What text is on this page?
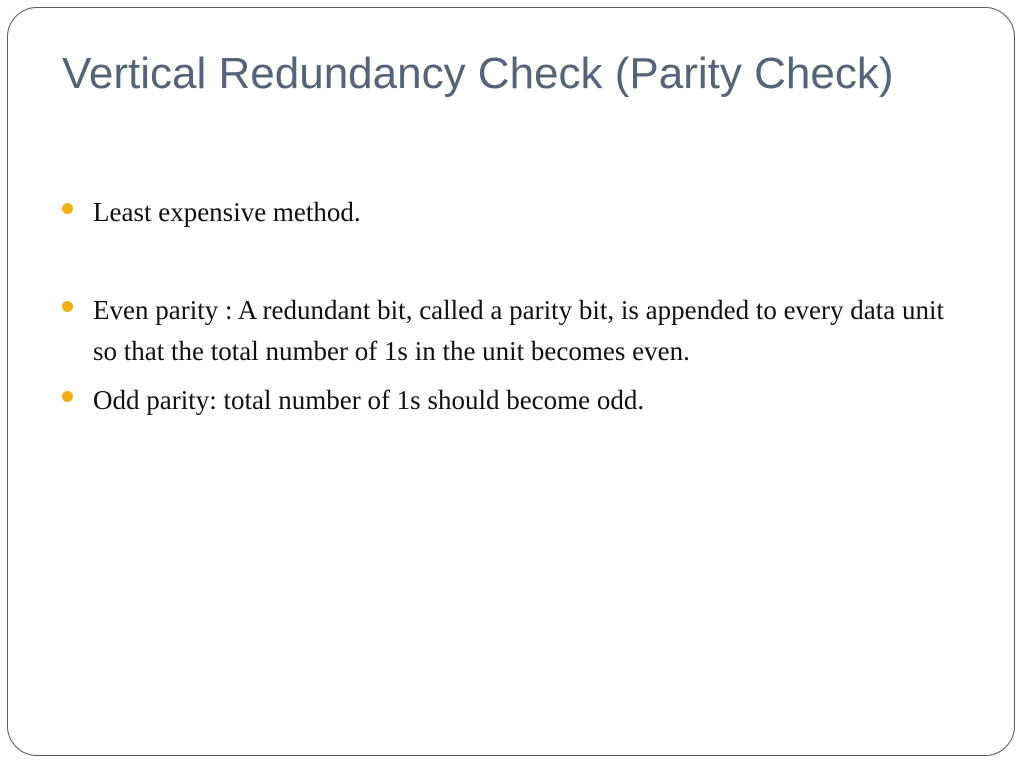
Vertical Redundancy Check (Parity Check)
Least expensive method.
Even parity : A redundant bit, called a parity bit, is appended to every data unit so that the total number of 1s in the unit becomes even.
Odd parity: total number of 1s should become odd.
